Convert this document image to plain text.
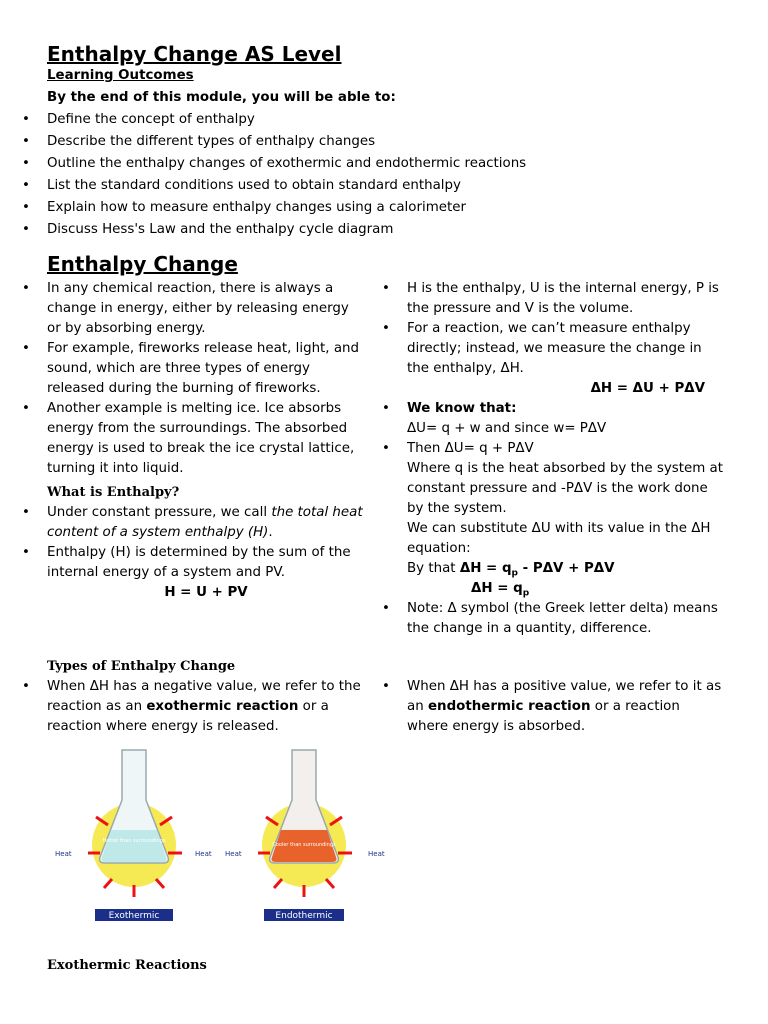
Enthalpy Change AS Level
Learning Outcomes
By the end of this module, you will be able to:
• Define the concept of enthalpy
• Describe the different types of enthalpy changes
• Outline the enthalpy changes of exothermic and endothermic reactions
• List the standard conditions used to obtain standard enthalpy
• Explain how to measure enthalpy changes using a calorimeter
• Discuss Hess's Law and the enthalpy cycle diagram
Enthalpy Change
• In any chemical reaction, there is always a change in energy, either by releasing energy or by absorbing energy.
• For example, fireworks release heat, light, and sound, which are three types of energy released during the burning of fireworks.
• Another example is melting ice. Ice absorbs energy from the surroundings. The absorbed energy is used to break the ice crystal lattice, turning it into liquid.
What is Enthalpy?
• Under constant pressure, we call the total heat content of a system enthalpy (H).
• Enthalpy (H) is determined by the sum of the internal energy of a system and PV.
H = U + PV
• H is the enthalpy, U is the internal energy, P is the pressure and V is the volume.
• For a reaction, we can’t measure enthalpy directly; instead, we measure the change in the enthalpy, ΔH.
ΔH = ΔU + PΔV
• We know that:
ΔU= q + w and since w= PΔV
• Then ΔU= q + PΔV
Where q is the heat absorbed by the system at constant pressure and -PΔV is the work done by the system.
We can substitute ΔU with its value in the ΔH equation:
By that $\Delta H = q_p - P\Delta V + P\Delta V$
$\Delta H = q_p$
• Note: Δ symbol (the Greek letter delta) means the change in a quantity, difference.
Types of Enthalpy Change
• When ΔH has a negative value, we refer to the reaction as an exothermic reaction or a reaction where energy is released.
• When ΔH has a positive value, we refer to it as an endothermic reaction or a reaction where energy is absorbed.
Hotter than surroundings
Heat	Heat
Exothermic
Cooler than surroundings
Heat	Heat
Endothermic
Exothermic Reactions
